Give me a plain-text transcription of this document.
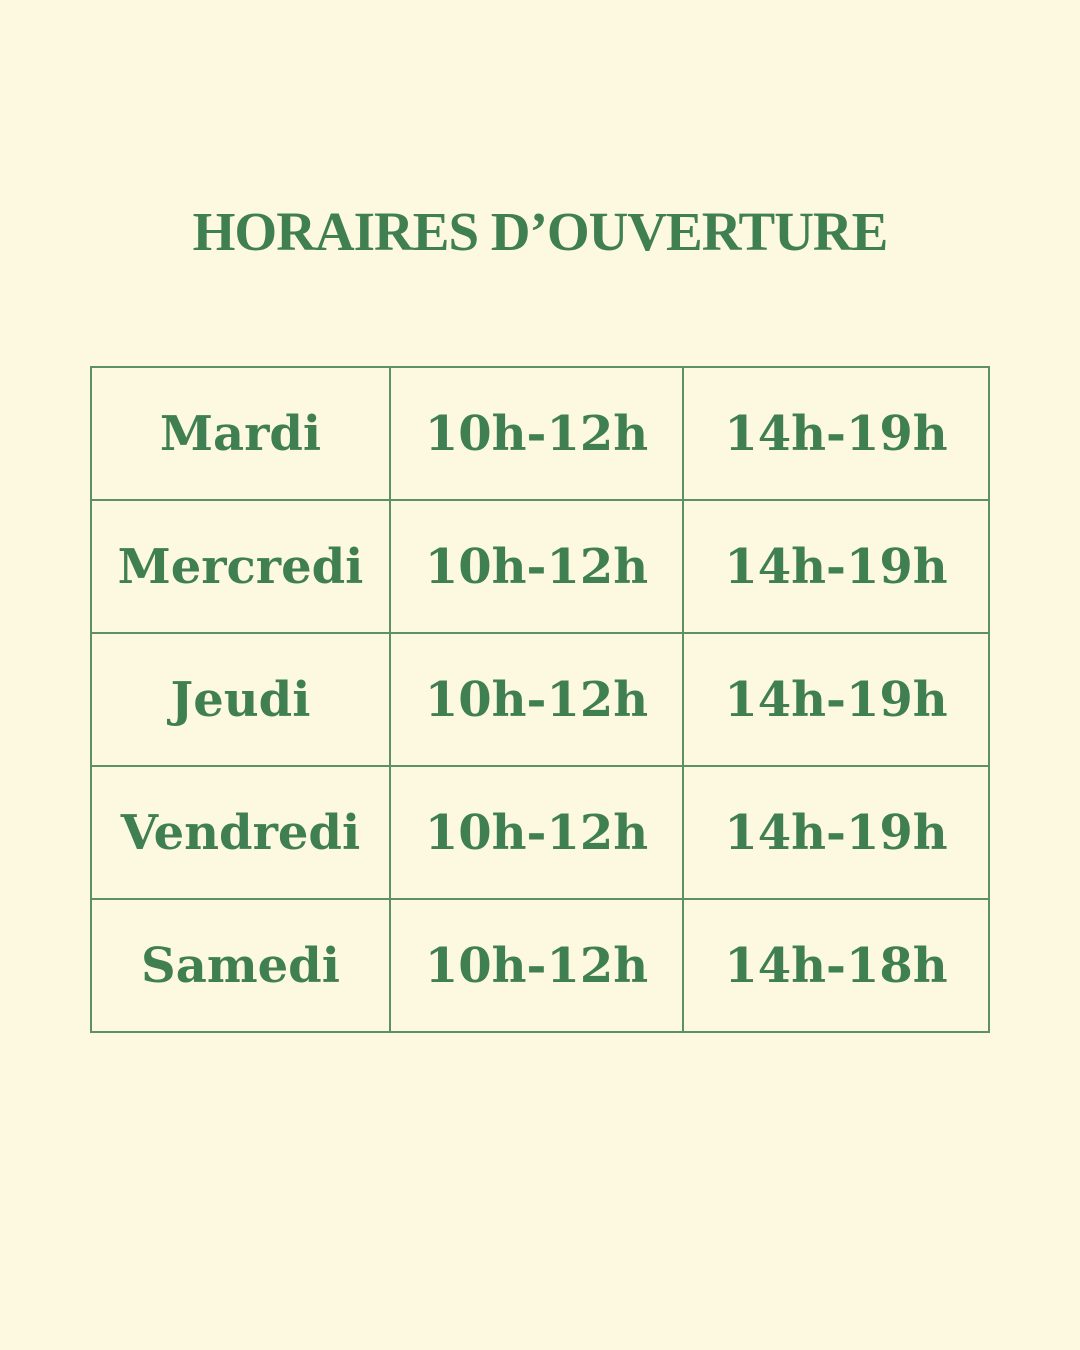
HORAIRES D’OUVERTURE
Mardi	10h-12h	14h-19h
Mercredi	10h-12h	14h-19h
Jeudi	10h-12h	14h-19h
Vendredi	10h-12h	14h-19h
Samedi	10h-12h	14h-18h
